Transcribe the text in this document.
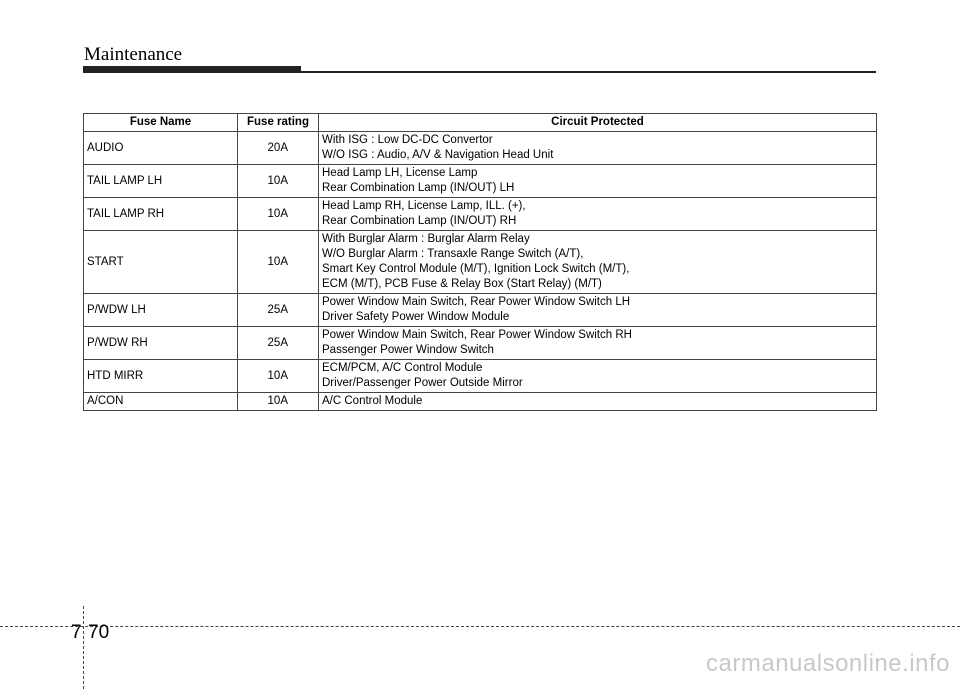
Maintenance
Fuse Name	Fuse rating	Circuit Protected
AUDIO	20A	With ISG : Low DC-DC Convertor
W/O ISG : Audio, A/V & Navigation Head Unit

TAIL LAMP LH	10A	Head Lamp LH, License Lamp
Rear Combination Lamp (IN/OUT) LH

TAIL LAMP RH	10A	Head Lamp RH, License Lamp, ILL. (+),
Rear Combination Lamp (IN/OUT) RH

START	10A	With Burglar Alarm : Burglar Alarm Relay
W/O Burglar Alarm : Transaxle Range Switch (A/T),
Smart Key Control Module (M/T), Ignition Lock Switch (M/T),
ECM (M/T), PCB Fuse & Relay Box (Start Relay) (M/T)

P/WDW LH	25A	Power Window Main Switch, Rear Power Window Switch LH
Driver Safety Power Window Module

P/WDW RH	25A	Power Window Main Switch, Rear Power Window Switch RH
Passenger Power Window Switch

HTD MIRR	10A	ECM/PCM, A/C Control Module
Driver/Passenger Power Outside Mirror

A/CON	10A	A/C Control Module
7 70
carmanualsonline.info
